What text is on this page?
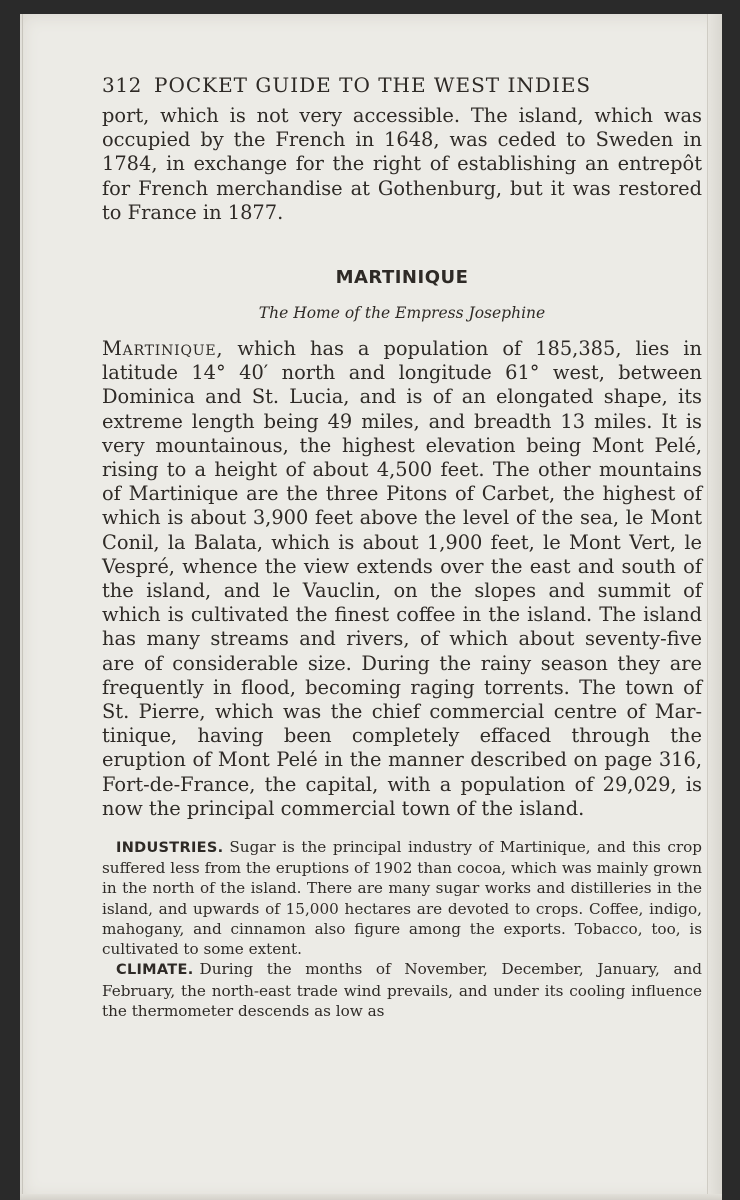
312 POCKET GUIDE TO THE WEST INDIES

port, which is not very accessible. The island, which was occupied by the French in 1648, was ceded to Sweden in 1784, in exchange for the right of establishing an entrepôt for French merchandise at Gothenburg, but it was restored to France in 1877.

MARTINIQUE
The Home of the Empress Josephine

Martinique, which has a population of 185,385, lies in latitude 14° 40′ north and longitude 61° west, between Dominica and St. Lucia, and is of an elongated shape, its extreme length being 49 miles, and breadth 13 miles. It is very mountainous, the highest elevation being Mont Pelé, rising to a height of about 4,500 feet. The other mountains of Martinique are the three Pitons of Carbet, the highest of which is about 3,900 feet above the level of the sea, le Mont Conil, la Balata, which is about 1,900 feet, le Mont Vert, le Vespré, whence the view extends over the east and south of the island, and le Vauclin, on the slopes and summit of which is cultivated the finest coffee in the island. The island has many streams and rivers, of which about seventy-five are of considerable size. During the rainy season they are frequently in flood, becoming raging torrents. The town of St. Pierre, which was the chief commercial centre of Martinique, having been completely effaced through the eruption of Mont Pelé in the manner described on page 316, Fort-de-France, the capital, with a population of 29,029, is now the principal commercial town of the island.

INDUSTRIES. Sugar is the principal industry of Martinique, and this crop suffered less from the eruptions of 1902 than cocoa, which was mainly grown in the north of the island. There are many sugar works and distilleries in the island, and upwards of 15,000 hectares are devoted to crops. Coffee, indigo, mahogany, and cinnamon also figure among the exports. Tobacco, too, is cultivated to some extent.

CLIMATE. During the months of November, December, January, and February, the north-east trade wind prevails, and under its cooling influence the thermometer descends as low as
